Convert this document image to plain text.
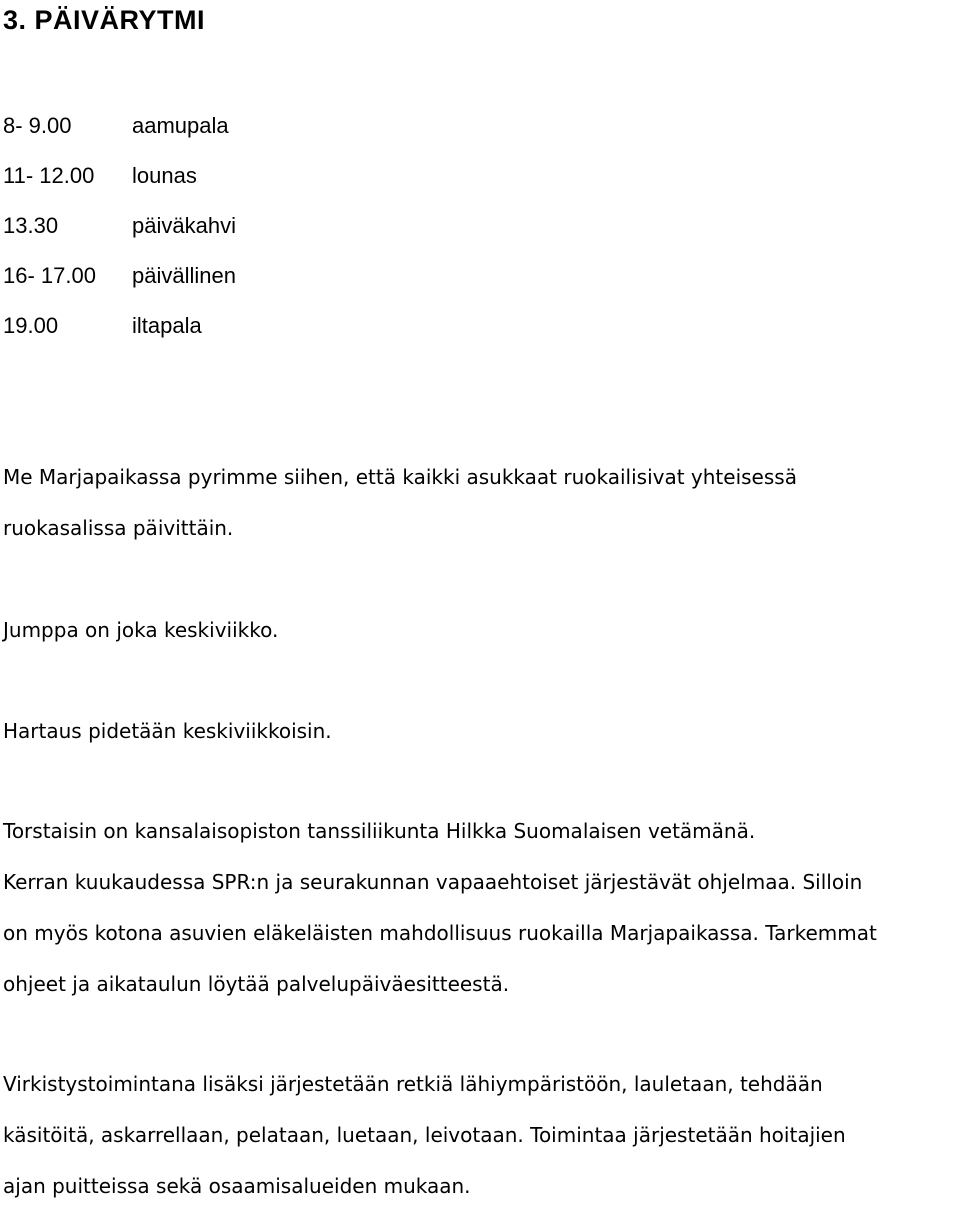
3. PÄIVÄRYTMI
8- 9.00	aamupala
11- 12.00 lounas
13.30	päiväkahvi
16- 17.00 päivällinen
19.00	iltapala

Me Marjapaikassa pyrimme siihen, että kaikki asukkaat ruokailisivat yhteisessä
ruokasalissa päivittäin.

Jumppa on joka keskiviikko.

Hartaus pidetään keskiviikkoisin.

Torstaisin on kansalaisopiston tanssiliikunta Hilkka Suomalaisen vetämänä.
Kerran kuukaudessa SPR:n ja seurakunnan vapaaehtoiset järjestävät ohjelmaa. Silloin
on myös kotona asuvien eläkeläisten mahdollisuus ruokailla Marjapaikassa. Tarkemmat
ohjeet ja aikataulun löytää palvelupäiväesitteestä.

Virkistystoimintana lisäksi järjestetään retkiä lähiympäristöön, lauletaan, tehdään
käsitöitä, askarrellaan, pelataan, luetaan, leivotaan. Toimintaa järjestetään hoitajien
ajan puitteissa sekä osaamisalueiden mukaan.
